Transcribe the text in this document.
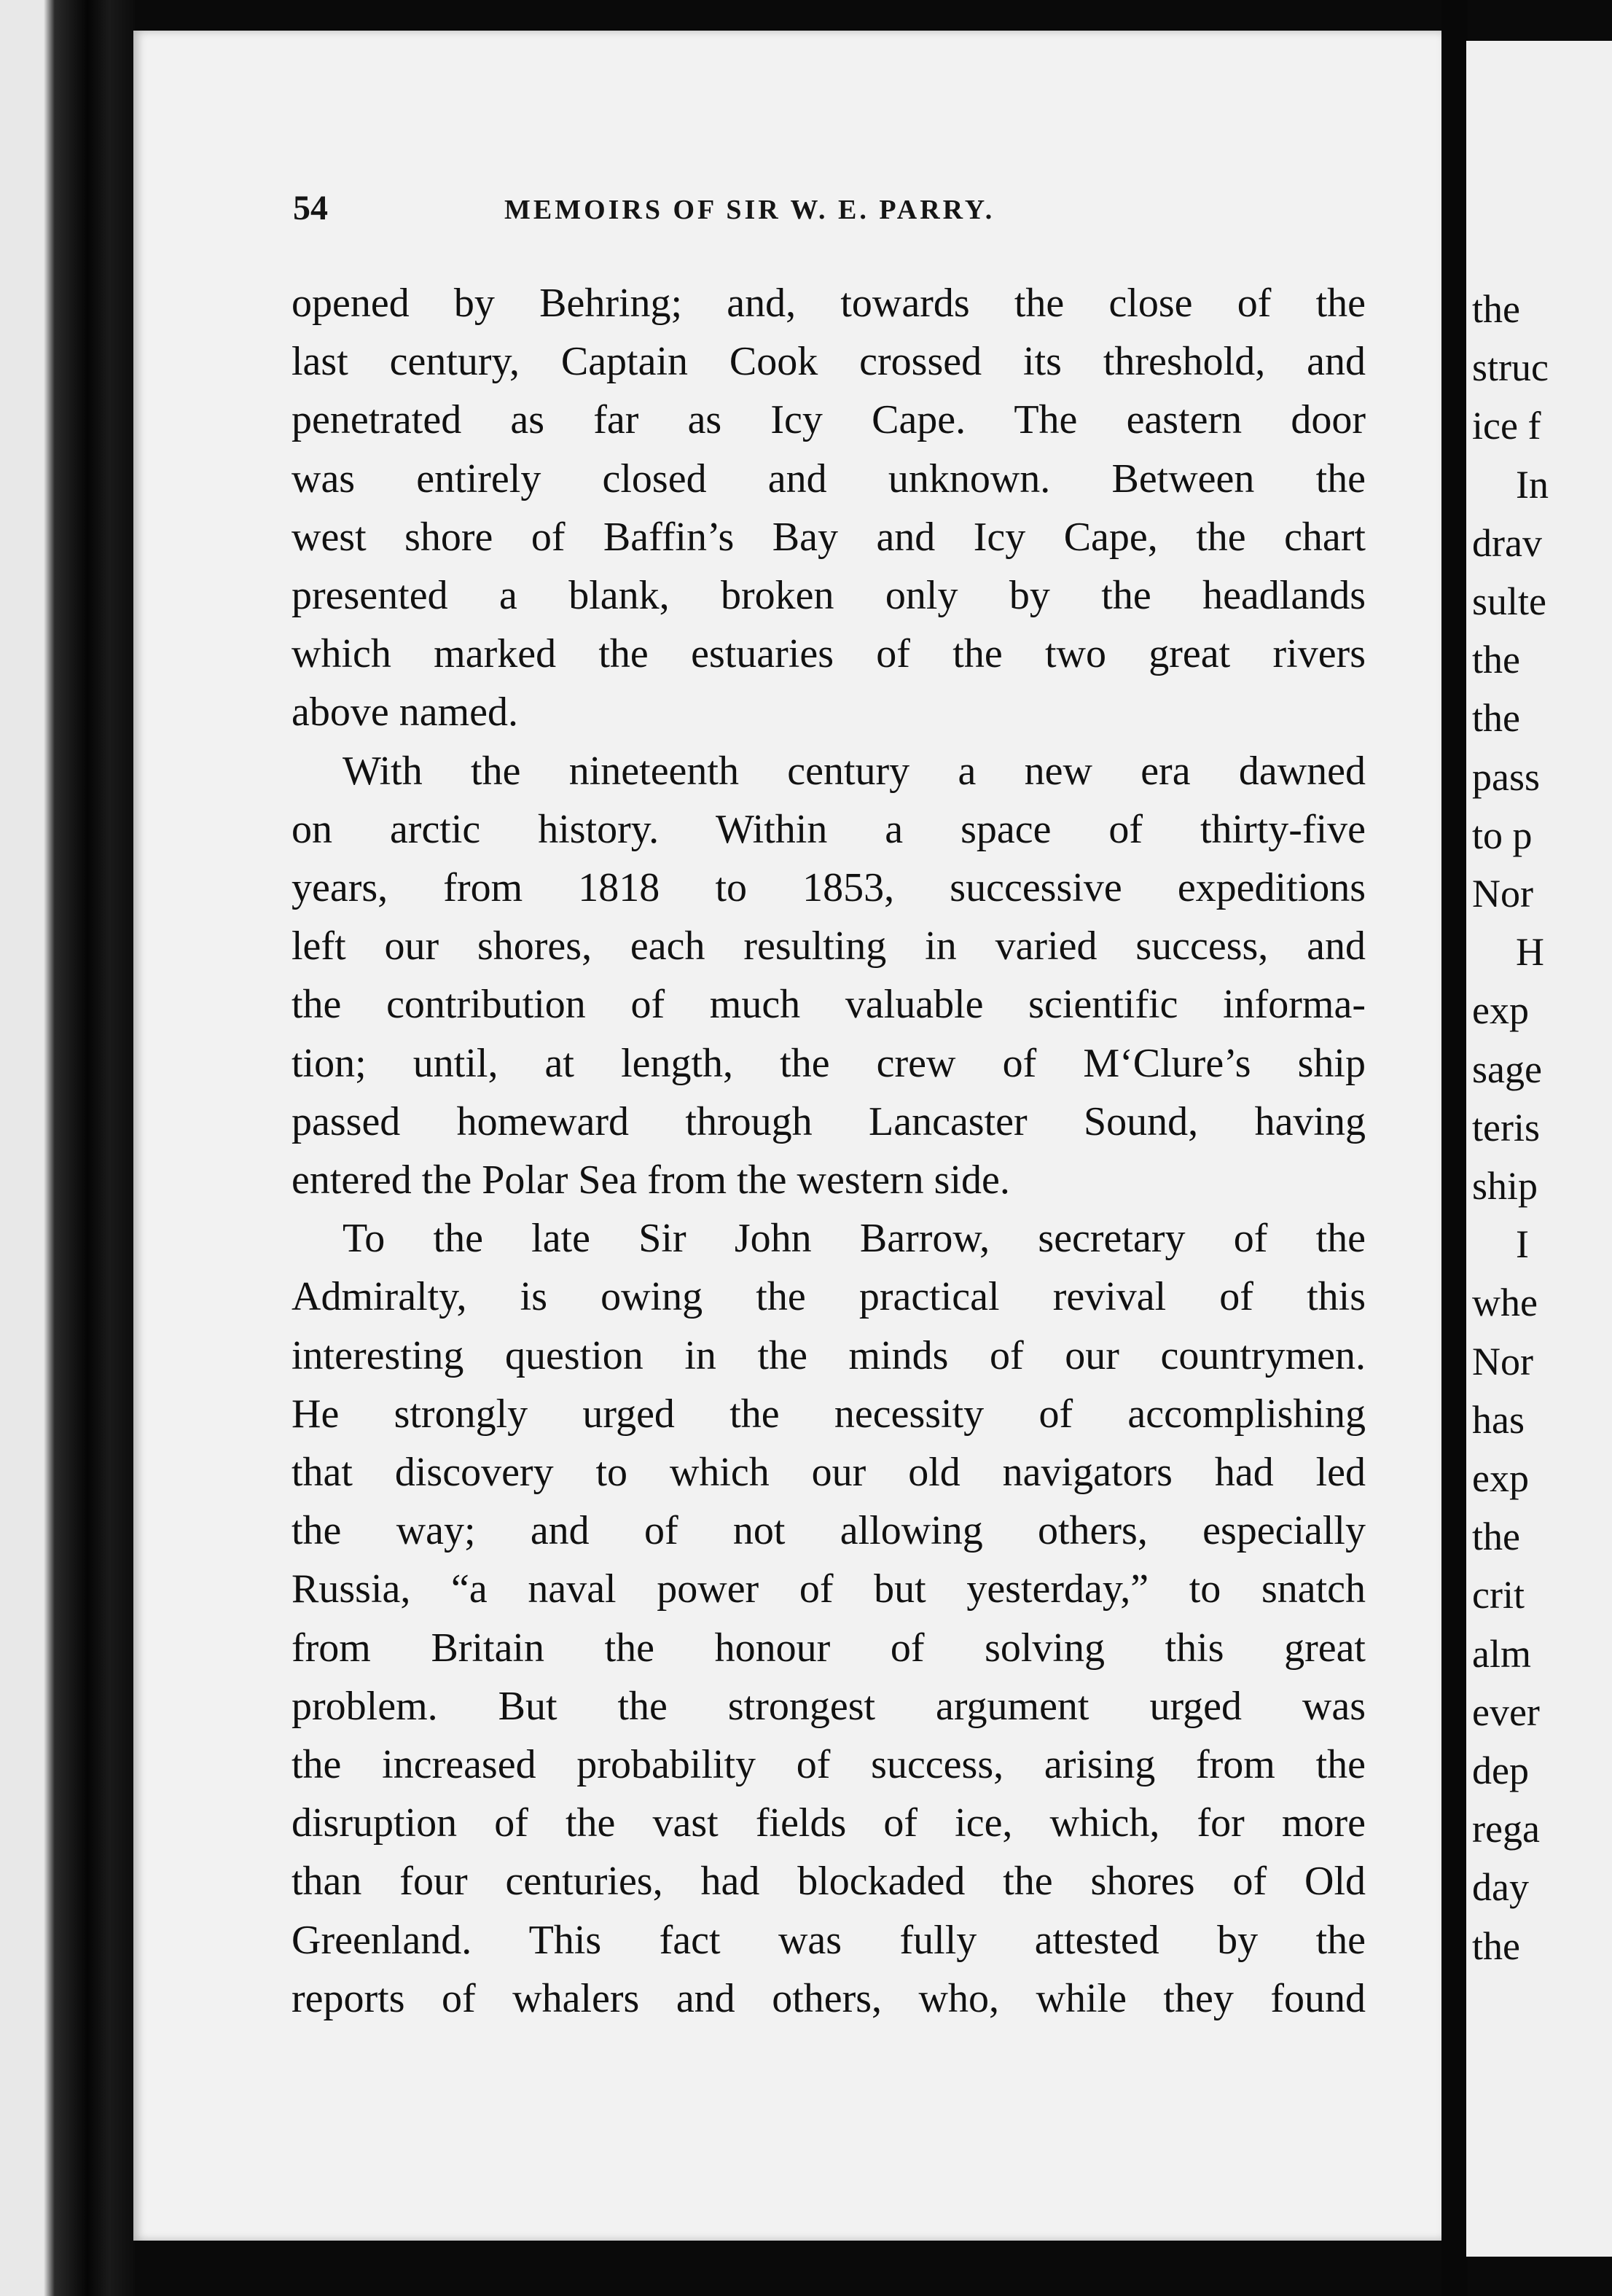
the
struc
ice f
In
drav
sulte
the
the
pass
to p
Nor
H
exp
sage
teris
ship
I
whe
Nor
has
exp
the
crit
alm
ever
dep
rega
day
the
54	MEMOIRS OF SIR W. E. PARRY.
opened by Behring; and, towards the close of the
last century, Captain Cook crossed its threshold, and
penetrated as far as Icy Cape. The eastern door
was entirely closed and unknown. Between the
west shore of Baffin’s Bay and Icy Cape, the chart
presented a blank, broken only by the headlands
which marked the estuaries of the two great rivers
above named.
With the nineteenth century a new era dawned
on arctic history. Within a space of thirty-five
years, from 1818 to 1853, successive expeditions
left our shores, each resulting in varied success, and
the contribution of much valuable scientific informa-
tion; until, at length, the crew of M‘Clure’s ship
passed homeward through Lancaster Sound, having
entered the Polar Sea from the western side.
To the late Sir John Barrow, secretary of the
Admiralty, is owing the practical revival of this
interesting question in the minds of our countrymen.
He strongly urged the necessity of accomplishing
that discovery to which our old navigators had led
the way; and of not allowing others, especially
Russia, “a naval power of but yesterday,” to snatch
from Britain the honour of solving this great
problem. But the strongest argument urged was
the increased probability of success, arising from the
disruption of the vast fields of ice, which, for more
than four centuries, had blockaded the shores of Old
Greenland. This fact was fully attested by the
reports of whalers and others, who, while they found
